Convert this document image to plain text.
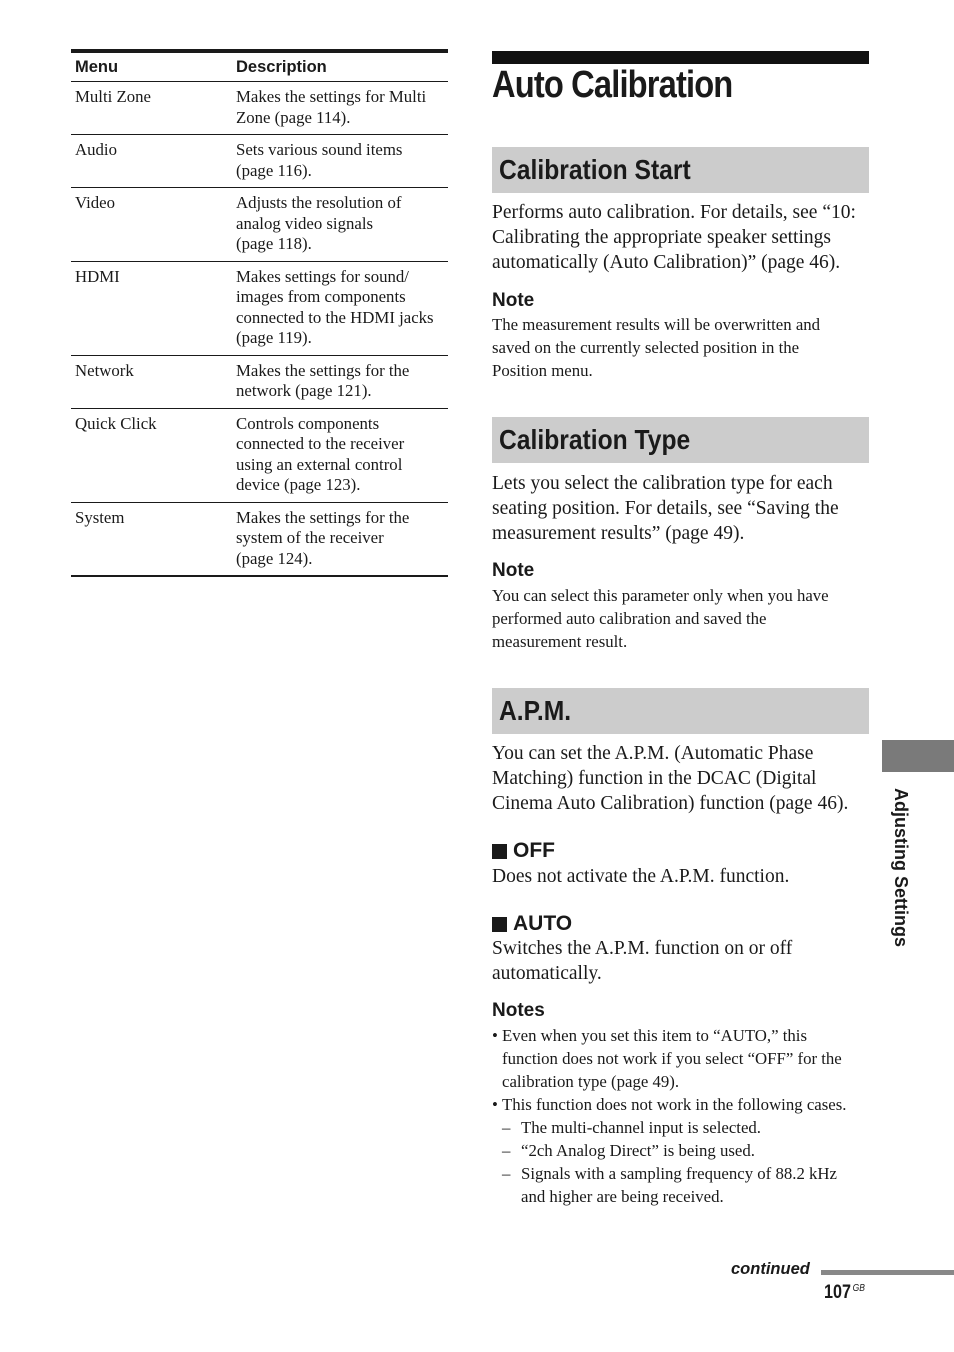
Menu	Description
Multi Zone	Makes the settings for Multi
Zone (page 114).
Audio	Sets various sound items
(page 116).
Video	Adjusts the resolution of
analog video signals
(page 118).
HDMI	Makes settings for sound/
images from components
connected to the HDMI jacks
(page 119).
Network	Makes the settings for the
network (page 121).
Quick Click	Controls components
connected to the receiver
using an external control
device (page 123).
System	Makes the settings for the
system of the receiver
(page 124).
Auto Calibration
Calibration Start
Performs auto calibration. For details, see “10:
Calibrating the appropriate speaker settings
automatically (Auto Calibration)” (page 46).
Note
The measurement results will be overwritten and
saved on the currently selected position in the
Position menu.
Calibration Type
Lets you select the calibration type for each
seating position. For details, see “Saving the
measurement results” (page 49).
Note
You can select this parameter only when you have
performed auto calibration and saved the
measurement result.
A.P.M.
You can set the A.P.M. (Automatic Phase
Matching) function in the DCAC (Digital
Cinema Auto Calibration) function (page 46).
OFF
Does not activate the A.P.M. function.
AUTO
Switches the A.P.M. function on or off
automatically.
Notes
• Even when you set this item to “AUTO,” this
function does not work if you select “OFF” for the
calibration type (page 49).
• This function does not work in the following cases.
– The multi-channel input is selected.
– “2ch Analog Direct” is being used.
– Signals with a sampling frequency of 88.2 kHz
and higher are being received.
Adjusting Settings
continued
107 $^{GB}$
